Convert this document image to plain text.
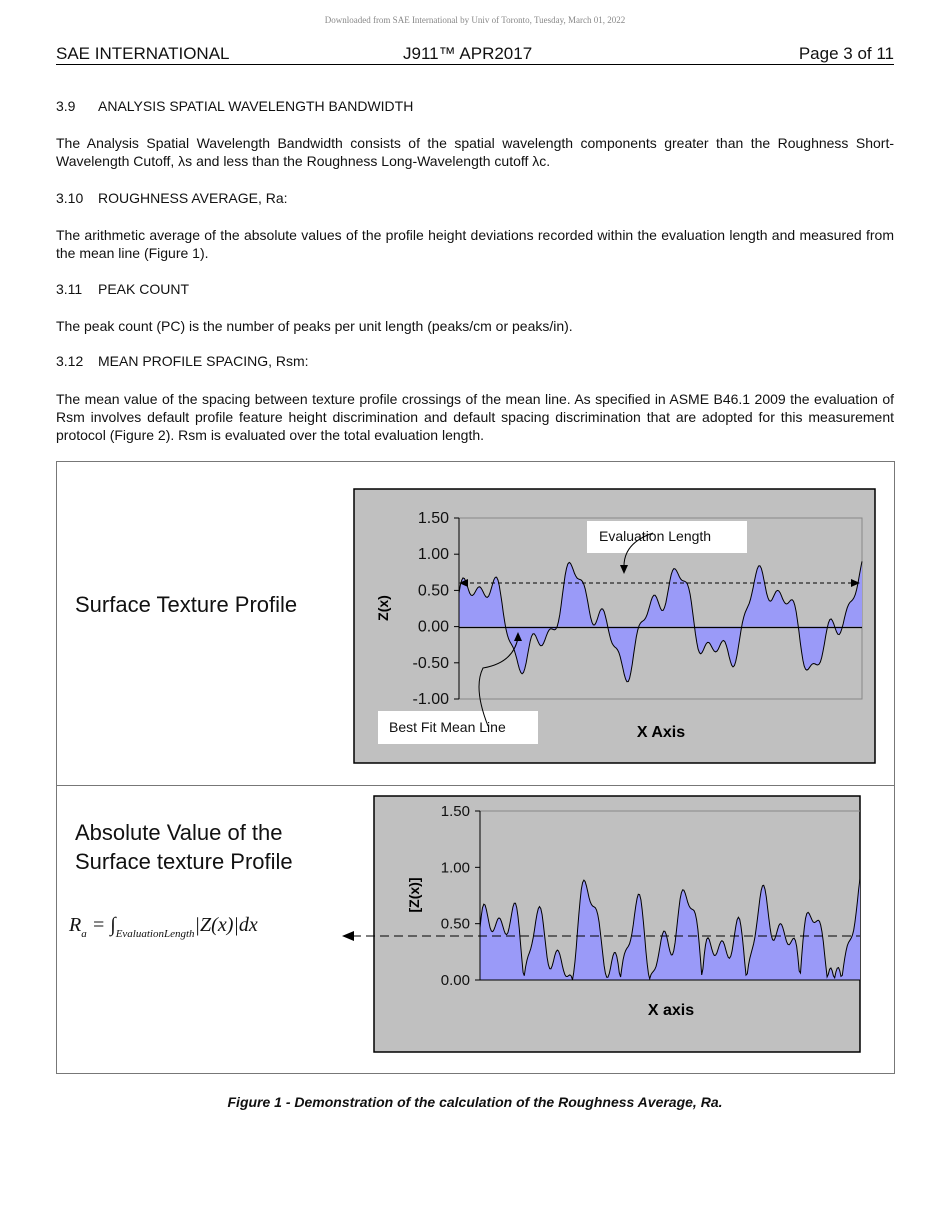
Downloaded from SAE International by Univ of Toronto, Tuesday, March 01, 2022
SAE INTERNATIONAL	J911™ APR2017	Page 3 of 11
3.9 ANALYSIS SPATIAL WAVELENGTH BANDWIDTH
The Analysis Spatial Wavelength Bandwidth consists of the spatial wavelength components greater than the Roughness Short-Wavelength Cutoff, λs and less than the Roughness Long-Wavelength cutoff λc.
3.10 ROUGHNESS AVERAGE, Ra:
The arithmetic average of the absolute values of the profile height deviations recorded within the evaluation length and measured from the mean line (Figure 1).
3.11 PEAK COUNT
The peak count (PC) is the number of peaks per unit length (peaks/cm or peaks/in).
3.12 MEAN PROFILE SPACING, Rsm:
The mean value of the spacing between texture profile crossings of the mean line. As specified in ASME B46.1 2009 the evaluation of Rsm involves default profile feature height discrimination and default spacing discrimination that are adopted for this measurement protocol (Figure 2). Rsm is evaluated over the total evaluation length.
Surface Texture Profile
Absolute Value of the
Surface texture Profile
$R_a = \int_{EvaluationLength}|Z(x)|dx$
1.50
1.00
0.50
0.00
-0.50
-1.00
Z(x)
X Axis
Evaluation Length
Best Fit Mean Line
1.50
1.00
0.50
0.00
[Z(x)]
X axis
Figure 1 - Demonstration of the calculation of the Roughness Average, Ra.
